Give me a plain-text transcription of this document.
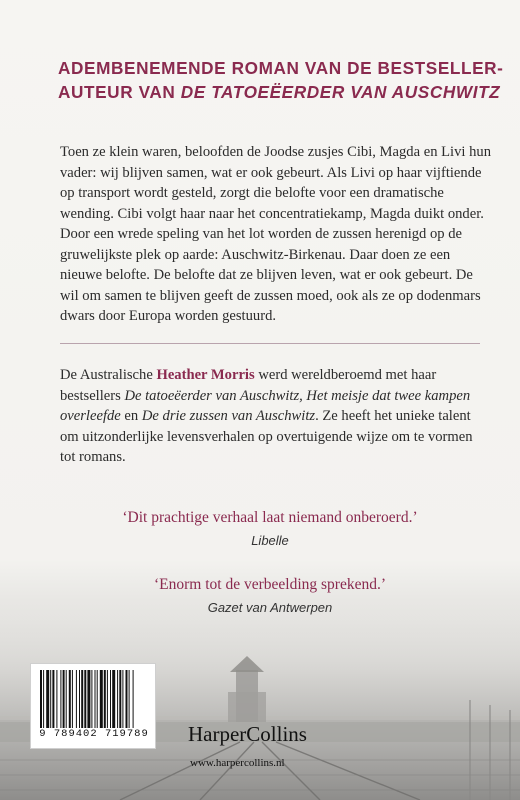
ADEMBENEMENDE ROMAN VAN DE BESTSELLER-
AUTEUR VAN DE TATOEËERDER VAN AUSCHWITZ
Toen ze klein waren, beloofden de Joodse zusjes Cibi, Magda en Livi hun
vader: wij blijven samen, wat er ook gebeurt. Als Livi op haar vijftiende
op transport wordt gesteld, zorgt die belofte voor een dramatische
wending. Cibi volgt haar naar het concentratiekamp, Magda duikt onder.
Door een wrede speling van het lot worden de zussen herenigd op de
gruwelijkste plek op aarde: Auschwitz-Birkenau. Daar doen ze een
nieuwe belofte. De belofte dat ze blijven leven, wat er ook gebeurt. De
wil om samen te blijven geeft de zussen moed, ook als ze op dodenmars
dwars door Europa worden gestuurd.
De Australische Heather Morris werd wereldberoemd met haar
bestsellers De tatoeëerder van Auschwitz, Het meisje dat twee kampen
overleefde en De drie zussen van Auschwitz. Ze heeft het unieke talent
om uitzonderlijke levensverhalen op overtuigende wijze om te vormen
tot romans.
‘Dit prachtige verhaal laat niemand onberoerd.’
Libelle
‘Enorm tot de verbeelding sprekend.’
Gazet van Antwerpen
9 789402 719789 HarperCollins
www.harpercollins.nl
